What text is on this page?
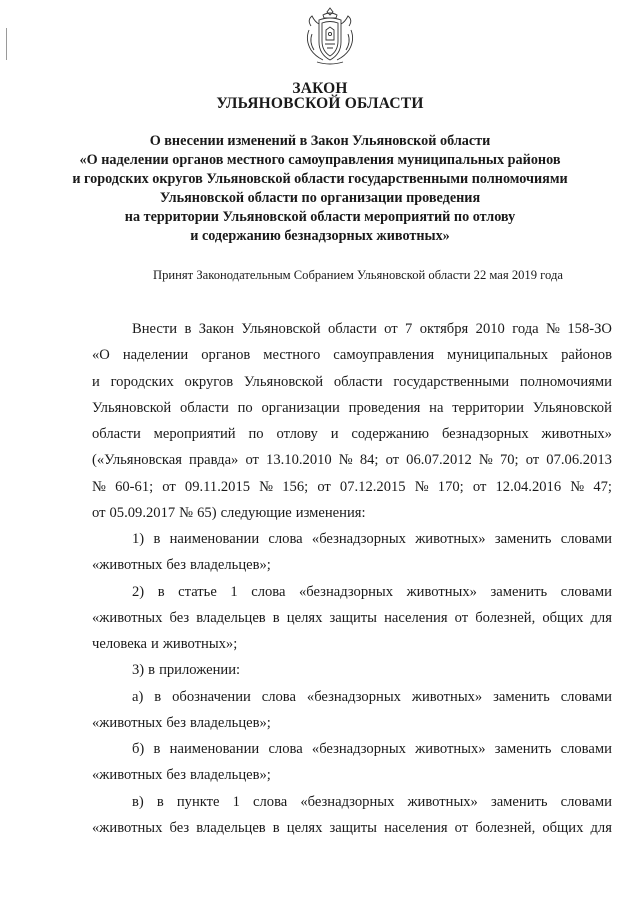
ЗАКОН
УЛЬЯНОВСКОЙ ОБЛАСТИ
О внесении изменений в Закон Ульяновской области
«О наделении органов местного самоуправления муниципальных районов
и городских округов Ульяновской области государственными полномочиями
Ульяновской области по организации проведения
на территории Ульяновской области мероприятий по отлову
и содержанию безнадзорных животных»
Принят Законодательным Собранием Ульяновской области 22 мая 2019 года
Внести в Закон Ульяновской области от 7 октября 2010 года № 158-ЗО
«О наделении органов местного самоуправления муниципальных районов
и городских округов Ульяновской области государственными полномочиями
Ульяновской области по организации проведения на территории Ульяновской
области мероприятий по отлову и содержанию безнадзорных животных»
(«Ульяновская правда» от 13.10.2010 № 84; от 06.07.2012 № 70; от 07.06.2013
№ 60-61; от 09.11.2015 № 156; от 07.12.2015 № 170; от 12.04.2016 № 47;
от 05.09.2017 № 65) следующие изменения:
1) в наименовании слова «безнадзорных животных» заменить словами
«животных без владельцев»;
2) в статье 1 слова «безнадзорных животных» заменить словами
«животных без владельцев в целях защиты населения от болезней, общих для
человека и животных»;
3) в приложении:
а) в обозначении слова «безнадзорных животных» заменить словами
«животных без владельцев»;
б) в наименовании слова «безнадзорных животных» заменить словами
«животных без владельцев»;
в) в пункте 1 слова «безнадзорных животных» заменить словами
«животных без владельцев в целях защиты населения от болезней, общих для
